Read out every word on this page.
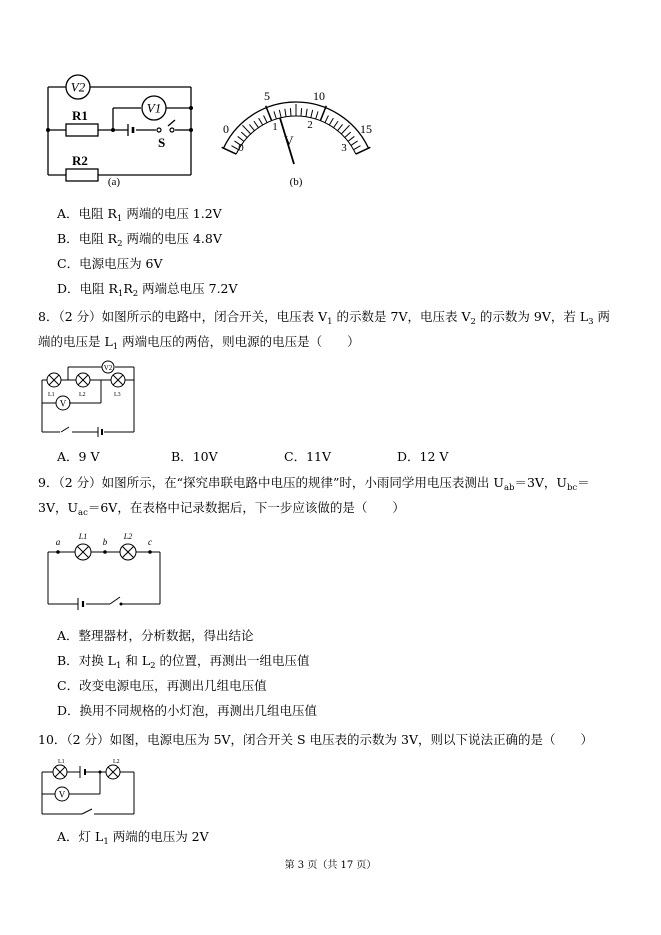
V2
V1
R1
R2
S
(a)
5	10
0	15
1	2
0	3
V
(b)
A．电阻 $R_1$ 两端的电压 1.2V
B．电阻 $R_2$ 两端的电压 4.8V
C．电源电压为 6V
D．电阻 $R_1R_2$ 两端总电压 7.2V
8．（2 分）如图所示的电路中，闭合开关，电压表 $V_1$ 的示数是 7V，电压表 $V_2$ 的示数为 9V，若 $L_3$ 两
端的电压是 $L_1$ 两端电压的两倍，则电源的电压是（　　）
V2
V
L1	L2	L3
A．9 V	B．10V	C．11V	D．12 V
9．（2 分）如图所示，在“探究串联电路中电压的规律”时，小雨同学用电压表测出 $U_{ab}=3V$，$U_{bc}=$
3V，$U_{ac}=6V$，在表格中记录数据后，下一步应该做的是（　　）
a	b	c
L1	L2
A．整理器材，分析数据，得出结论
B．对换 $L_1$ 和 $L_2$ 的位置，再测出一组电压值
C．改变电源电压，再测出几组电压值
D．换用不同规格的小灯泡，再测出几组电压值
10．（2 分）如图，电源电压为 5V，闭合开关 S 电压表的示数为 3V，则以下说法正确的是（　　）
V
L1	L2
A．灯 $L_1$ 两端的电压为 2V
第 3 页（共 17 页）
